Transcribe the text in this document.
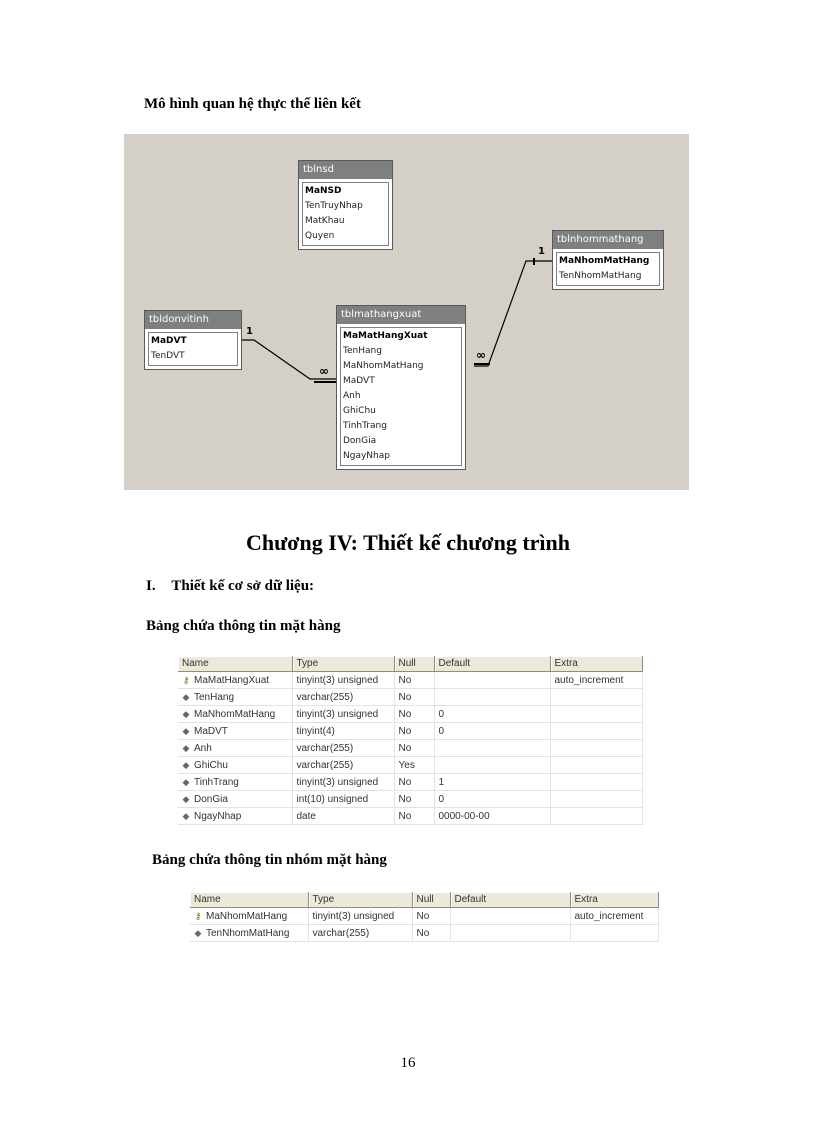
Mô hình quan hệ thực thể liên kết
1
∞
∞
1
tblnsd
MaNSD
TenTruyNhap
MatKhau
Quyen
tbldonvitinh
MaDVT
TenDVT
tblmathangxuat
MaMatHangXuat
TenHang
MaNhomMatHang
MaDVT
Anh
GhiChu
TinhTrang
DonGia
NgayNhap
tblnhommathang
MaNhomMatHang
TenNhomMatHang
Chương IV: Thiết kế chương trình
I. Thiết kế cơ sở dữ liệu:
Bảng chứa thông tin mặt hàng
Name	Type	Null	Default	Extra
⚷ MaMatHangXuat	tinyint(3) unsigned	No		auto_increment
◆ TenHang	varchar(255)	No		
◆ MaNhomMatHang	tinyint(3) unsigned	No	0	
◆ MaDVT	tinyint(4)	No	0	
◆ Anh	varchar(255)	No		
◆ GhiChu	varchar(255)	Yes		
◆ TinhTrang	tinyint(3) unsigned	No	1	
◆ DonGia	int(10) unsigned	No	0	
◆ NgayNhap	date	No	0000-00-00	
Bảng chứa thông tin nhóm mặt hàng
Name	Type	Null	Default	Extra
⚷ MaNhomMatHang	tinyint(3) unsigned	No		auto_increment
◆ TenNhomMatHang	varchar(255)	No		
16
